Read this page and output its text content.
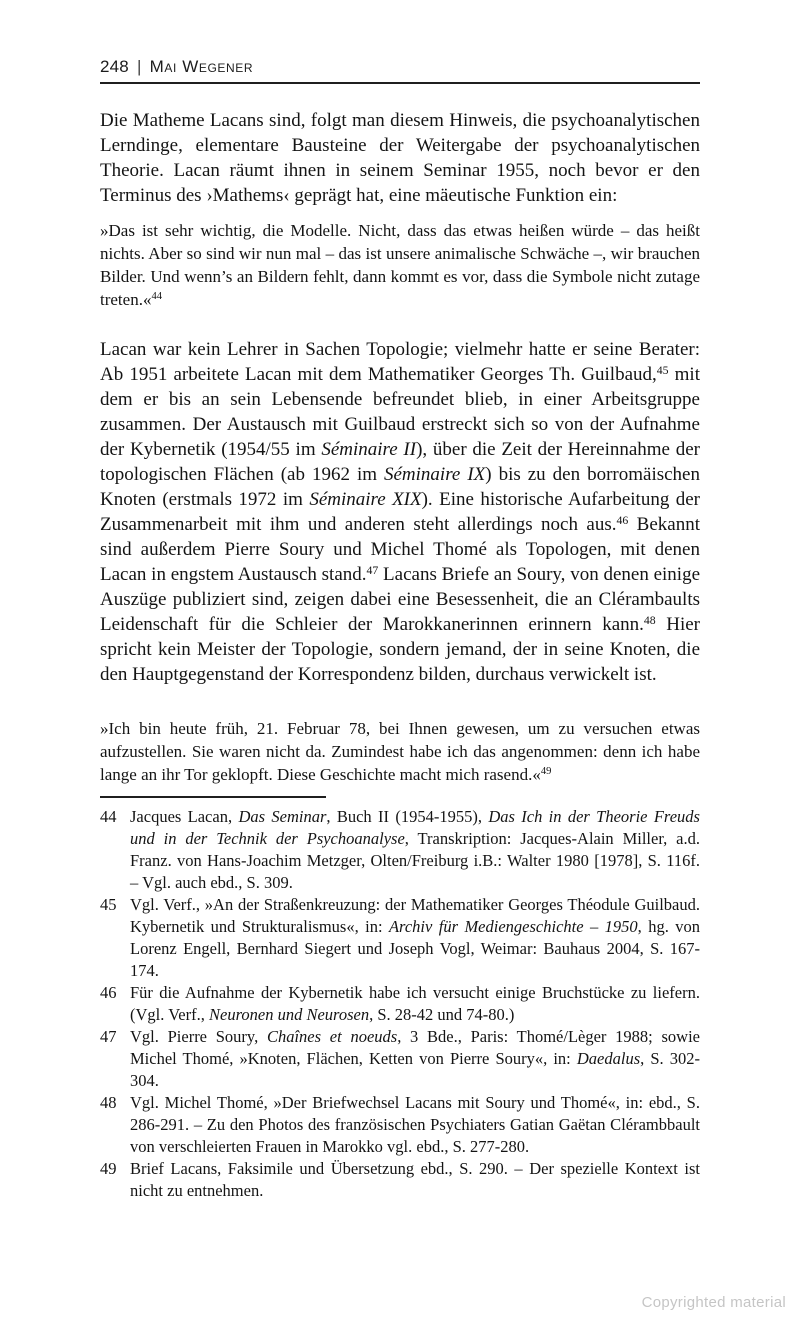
248 | Mai Wegener

Die Matheme Lacans sind, folgt man diesem Hinweis, die psychoanalytischen Lerndinge, elementare Bausteine der Weitergabe der psychoanalytischen Theorie. Lacan räumt ihnen in seinem Seminar 1955, noch bevor er den Terminus des ›Mathems‹ geprägt hat, eine mäeutische Funktion ein:

»Das ist sehr wichtig, die Modelle. Nicht, dass das etwas heißen würde – das heißt nichts. Aber so sind wir nun mal – das ist unsere animalische Schwäche –, wir brauchen Bilder. Und wenn’s an Bildern fehlt, dann kommt es vor, dass die Symbole nicht zutage treten.«$^{44}$

Lacan war kein Lehrer in Sachen Topologie; vielmehr hatte er seine Berater: Ab 1951 arbeitete Lacan mit dem Mathematiker Georges Th. Guilbaud,$^{45}$ mit dem er bis an sein Lebensende befreundet blieb, in einer Arbeitsgruppe zusammen. Der Austausch mit Guilbaud erstreckt sich so von der Aufnahme der Kybernetik (1954/55 im Séminaire II), über die Zeit der Hereinnahme der topologischen Flächen (ab 1962 im Séminaire IX) bis zu den borromäischen Knoten (erstmals 1972 im Séminaire XIX). Eine historische Aufarbeitung der Zusammenarbeit mit ihm und anderen steht allerdings noch aus.$^{46}$ Bekannt sind außerdem Pierre Soury und Michel Thomé als Topologen, mit denen Lacan in engstem Austausch stand.$^{47}$ Lacans Briefe an Soury, von denen einige Auszüge publiziert sind, zeigen dabei eine Besessenheit, die an Clérambaults Leidenschaft für die Schleier der Marokkanerinnen erinnern kann.$^{48}$ Hier spricht kein Meister der Topologie, sondern jemand, der in seine Knoten, die den Hauptgegenstand der Korrespondenz bilden, durchaus verwickelt ist.

»Ich bin heute früh, 21. Februar 78, bei Ihnen gewesen, um zu versuchen etwas aufzustellen. Sie waren nicht da. Zumindest habe ich das angenommen: denn ich habe lange an ihr Tor geklopft. Diese Geschichte macht mich rasend.«$^{49}$
44 Jacques Lacan, Das Seminar, Buch II (1954-1955), Das Ich in der Theorie Freuds und in der Technik der Psychoanalyse, Transkription: Jacques-Alain Miller, a.d. Franz. von Hans-Joachim Metzger, Olten/Freiburg i.B.: Walter 1980 [1978], S. 116f. – Vgl. auch ebd., S. 309.
45 Vgl. Verf., »An der Straßenkreuzung: der Mathematiker Georges Théodule Guilbaud. Kybernetik und Strukturalismus«, in: Archiv für Mediengeschichte – 1950, hg. von Lorenz Engell, Bernhard Siegert und Joseph Vogl, Weimar: Bauhaus 2004, S. 167-174.
46 Für die Aufnahme der Kybernetik habe ich versucht einige Bruchstücke zu liefern. (Vgl. Verf., Neuronen und Neurosen, S. 28-42 und 74-80.)
47 Vgl. Pierre Soury, Chaînes et noeuds, 3 Bde., Paris: Thomé/Lèger 1988; sowie Michel Thomé, »Knoten, Flächen, Ketten von Pierre Soury«, in: Daedalus, S. 302-304.
48 Vgl. Michel Thomé, »Der Briefwechsel Lacans mit Soury und Thomé«, in: ebd., S. 286-291. – Zu den Photos des französischen Psychiaters Gatian Gaëtan Clérambbault von verschleierten Frauen in Marokko vgl. ebd., S. 277-280.
49 Brief Lacans, Faksimile und Übersetzung ebd., S. 290. – Der spezielle Kontext ist nicht zu entnehmen.
Copyrighted material
